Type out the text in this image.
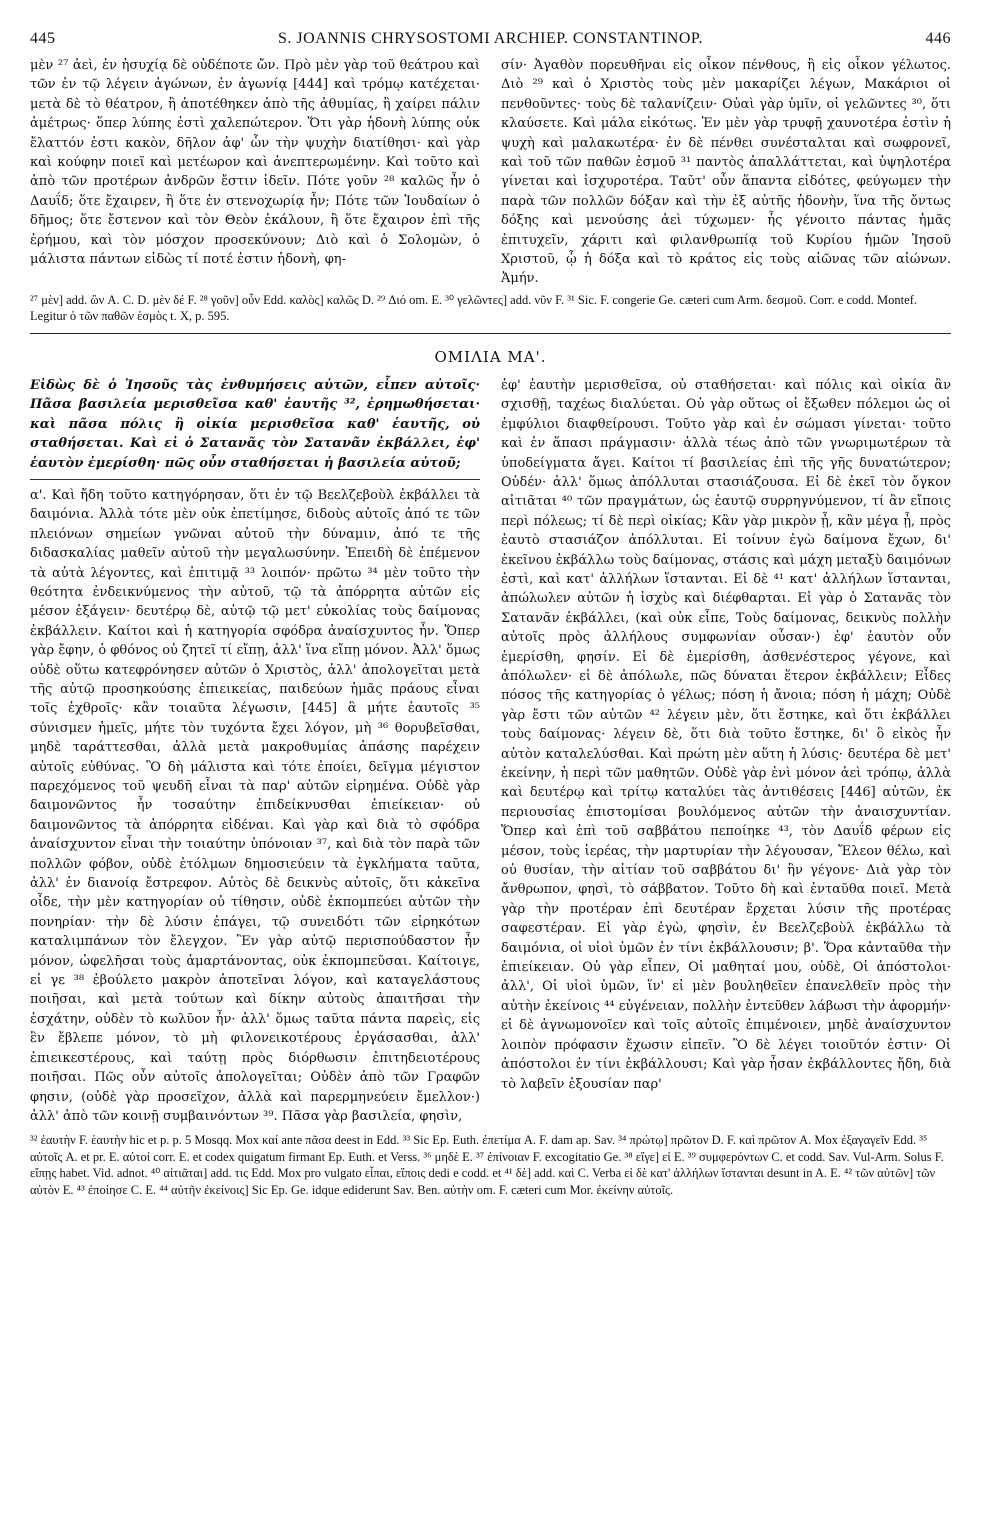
445	S. JOANNIS CHRYSOSTOMI ARCHIEP. CONSTANTINOP.	446

μὲν ²⁷ ἀεὶ, ἐν ἡσυχίᾳ δὲ οὐδέποτε ὤν. Πρὸ μὲν γὰρ τοῦ θεάτρου καὶ τῶν ἐν τῷ λέγειν ἀγώνων, ἐν ἀγωνίᾳ [444] καὶ τρόμῳ κατέχεται· μετὰ δὲ τὸ θέατρον, ἢ ἀποτέθηκεν ἀπὸ τῆς ἀθυμίας, ἢ χαίρει πάλιν ἀμέτρως· ὅπερ λύπης ἐστὶ χαλεπώτερον. Ὅτι γὰρ ἡδονὴ λύπης οὐκ ἔλαττόν ἐστι κακὸν, δῆλον ἀφ' ὧν τὴν ψυχὴν διατίθησι· καὶ γὰρ καὶ κούφην ποιεῖ καὶ μετέωρον καὶ ἀνεπτερωμένην. Καὶ τοῦτο καὶ ἀπὸ τῶν προτέρων ἀνδρῶν ἔστιν ἰδεῖν. Πότε γοῦν ²⁸ καλῶς ἦν ὁ Δαυΐδ; ὅτε ἔχαιρεν, ἢ ὅτε ἐν στενοχωρίᾳ ἦν; Πότε τῶν Ἰουδαίων ὁ δῆμος; ὅτε ἔστενον καὶ τὸν Θεὸν ἐκάλουν, ἢ ὅτε ἔχαιρον ἐπὶ τῆς ἐρήμου, καὶ τὸν μόσχον προσεκύνουν; Διὸ καὶ ὁ Σολομὼν, ὁ μάλιστα πάντων εἰδὼς τί ποτέ ἐστιν ἡδονὴ, φη-

σίν· Ἀγαθὸν πορευθῆναι εἰς οἶκον πένθους, ἢ εἰς οἶκον γέλωτος. Διὸ ²⁹ καὶ ὁ Χριστὸς τοὺς μὲν μακαρίζει λέγων, Μακάριοι οἱ πενθοῦντες· τοὺς δὲ ταλανίζειν· Οὐαὶ γὰρ ὑμῖν, οἱ γελῶντες ³⁰, ὅτι κλαύσετε. Καὶ μάλα εἰκότως. Ἐν μὲν γὰρ τρυφῇ χαυνοτέρα ἐστὶν ἡ ψυχὴ καὶ μαλακωτέρα· ἐν δὲ πένθει συνέσταλται καὶ σωφρονεῖ, καὶ τοῦ τῶν παθῶν ἑσμοῦ ³¹ παντὸς ἀπαλλάττεται, καὶ ὑψηλοτέρα γίνεται καὶ ἰσχυροτέρα. Ταῦτ' οὖν ἅπαντα εἰδότες, φεύγωμεν τὴν παρὰ τῶν πολλῶν δόξαν καὶ τὴν ἐξ αὐτῆς ἡδονὴν, ἵνα τῆς ὄντως δόξης καὶ μενούσης ἀεὶ τύχωμεν· ἧς γένοιτο πάντας ἡμᾶς ἐπιτυχεῖν, χάριτι καὶ φιλανθρωπίᾳ τοῦ Κυρίου ἡμῶν Ἰησοῦ Χριστοῦ, ᾧ ἡ δόξα καὶ τὸ κράτος εἰς τοὺς αἰῶνας τῶν αἰώνων. Ἀμήν.

²⁷ μὲν] add. ὢν A. C. D. μὲν δέ F. ²⁸ γοῦν] οὖν Edd. καλὸς] καλῶς D. ²⁹ Διό om. E. ³⁰ γελῶντες] add. νῦν F. ³¹ Sic. F. congerie Ge. cæteri cum Arm. δεσμοῦ. Corr. e codd. Montef. Legitur ὁ τῶν παθῶν ἑσμὸς t. X, p. 595.
ΟΜΙΛΙΑ ΜΑ'.

Εἰδὼς δὲ ὁ Ἰησοῦς τὰς ἐνθυμήσεις αὐτῶν, εἶπεν αὐτοῖς· Πᾶσα βασιλεία μερισθεῖσα καθ' ἑαυτῆς ³², ἐρημωθήσεται· καὶ πᾶσα πόλις ἢ οἰκία μερισθεῖσα καθ' ἑαυτῆς, οὐ σταθήσεται. Καὶ εἰ ὁ Σατανᾶς τὸν Σατανᾶν ἐκβάλλει, ἐφ' ἑαυτὸν ἐμερίσθη· πῶς οὖν σταθήσεται ἡ βασιλεία αὐτοῦ;

α'. Καὶ ἤδη τοῦτο κατηγόρησαν, ὅτι ἐν τῷ Βεελζεβοὺλ ἐκβάλλει τὰ δαιμόνια. Ἀλλὰ τότε μὲν οὐκ ἐπετίμησε, διδοὺς αὐτοῖς ἀπό τε τῶν πλειόνων σημείων γνῶναι αὐτοῦ τὴν δύναμιν, ἀπό τε τῆς διδασκαλίας μαθεῖν αὐτοῦ τὴν μεγαλωσύνην. Ἐπειδὴ δὲ ἐπέμενον τὰ αὐτὰ λέγοντες, καὶ ἐπιτιμᾷ ³³ λοιπόν· πρῶτω ³⁴ μὲν τοῦτο τὴν θεότητα ἐνδεικνύμενος τὴν αὐτοῦ, τῷ τὰ ἀπόρρητα αὐτῶν εἰς μέσον ἐξάγειν· δευτέρῳ δὲ, αὐτῷ τῷ μετ' εὐκολίας τοὺς δαίμονας ἐκβάλλειν. Καίτοι καὶ ἡ κατηγορία σφόδρα ἀναίσχυντος ἦν. Ὅπερ γὰρ ἔφην, ὁ φθόνος οὐ ζητεῖ τί εἴπῃ, ἀλλ' ἵνα εἴπῃ μόνον. Ἀλλ' ὅμως οὐδὲ οὕτω κατεφρόνησεν αὐτῶν ὁ Χριστὸς, ἀλλ' ἀπολογεῖται μετὰ τῆς αὐτῷ προσηκούσης ἐπιεικείας, παιδεύων ἡμᾶς πράους εἶναι τοῖς ἐχθροῖς· κἂν τοιαῦτα λέγωσιν, [445] ἃ μήτε ἑαυτοῖς ³⁵ σύνισμεν ἡμεῖς, μήτε τὸν τυχόντα ἔχει λόγον, μὴ ³⁶ θορυβεῖσθαι, μηδὲ ταράττεσθαι, ἀλλὰ μετὰ μακροθυμίας ἁπάσης παρέχειν αὐτοῖς εὐθύνας. Ὃ δὴ μάλιστα καὶ τότε ἐποίει, δεῖγμα μέγιστον παρεχόμενος τοῦ ψευδῆ εἶναι τὰ παρ' αὐτῶν εἰρημένα. Οὐδὲ γὰρ δαιμονῶντος ἦν τοσαύτην ἐπιδείκνυσθαι ἐπιείκειαν· οὐ δαιμονῶντος τὰ ἀπόρρητα εἰδέναι. Καὶ γὰρ καὶ διὰ τὸ σφόδρα ἀναίσχυντον εἶναι τὴν τοιαύτην ὑπόνοιαν ³⁷, καὶ διὰ τὸν παρὰ τῶν πολλῶν φόβον, οὐδὲ ἐτόλμων δημοσιεύειν τὰ ἐγκλήματα ταῦτα, ἀλλ' ἐν διανοίᾳ ἔστρεφον. Αὐτὸς δὲ δεικνὺς αὐτοῖς, ὅτι κἀκεῖνα οἶδε, τὴν μὲν κατηγορίαν οὐ τίθησιν, οὐδὲ ἐκπομπεύει αὐτῶν τὴν πονηρίαν· τὴν δὲ λύσιν ἐπάγει, τῷ συνειδότι τῶν εἰρηκότων καταλιμπάνων τὸν ἔλεγχον. Ἓν γὰρ αὐτῷ περισπούδαστον ἦν μόνον, ὠφελῆσαι τοὺς ἁμαρτάνοντας, οὐκ ἐκπομπεῦσαι. Καίτοιγε, εἰ γε ³⁸ ἐβούλετο μακρὸν ἀποτεῖναι λόγον, καὶ καταγελάστους ποιῆσαι, καὶ μετὰ τούτων καὶ δίκην αὐτοὺς ἀπαιτῆσαι τὴν ἐσχάτην, οὐδὲν τὸ κωλῦον ἦν· ἀλλ' ὅμως ταῦτα πάντα παρεὶς, εἰς ἓν ἔβλεπε μόνον, τὸ μὴ φιλονεικοτέρους ἐργάσασθαι, ἀλλ' ἐπιεικεστέρους, καὶ ταύτῃ πρὸς διόρθωσιν ἐπιτηδειοτέρους ποιῆσαι. Πῶς οὖν αὐτοῖς ἀπολογεῖται; Οὐδὲν ἀπὸ τῶν Γραφῶν φησιν, (οὐδὲ γὰρ προσεῖχον, ἀλλὰ καὶ παρερμηνεύειν ἔμελλον·) ἀλλ' ἀπὸ τῶν κοινῇ συμβαινόντων ³⁹. Πᾶσα γὰρ βασιλεία, φησὶν,

ἐφ' ἑαυτὴν μερισθεῖσα, οὐ σταθήσεται· καὶ πόλις καὶ οἰκία ἂν σχισθῇ, ταχέως διαλύεται. Οὐ γὰρ οὕτως οἱ ἔξωθεν πόλεμοι ὡς οἱ ἐμφύλιοι διαφθείρουσι. Τοῦτο γὰρ καὶ ἐν σώμασι γίνεται· τοῦτο καὶ ἐν ἅπασι πράγμασιν· ἀλλὰ τέως ἀπὸ τῶν γνωριμωτέρων τὰ ὑποδείγματα ἄγει. Καίτοι τί βασιλείας ἐπὶ τῆς γῆς δυνατώτερον; Οὐδέν· ἀλλ' ὅμως ἀπόλλυται στασιάζουσα. Εἰ δὲ ἐκεῖ τὸν ὄγκον αἰτιᾶται ⁴⁰ τῶν πραγμάτων, ὡς ἑαυτῷ συρρηγνύμενον, τί ἂν εἴποις περὶ πόλεως; τί δὲ περὶ οἰκίας; Κἂν γὰρ μικρὸν ᾖ, κἂν μέγα ᾖ, πρὸς ἑαυτὸ στασιάζον ἀπόλλυται. Εἰ τοίνυν ἐγὼ δαίμονα ἔχων, δι' ἐκεῖνου ἐκβάλλω τοὺς δαίμονας, στάσις καὶ μάχη μεταξὺ δαιμόνων ἐστὶ, καὶ κατ' ἀλλήλων ἵστανται. Εἰ δὲ ⁴¹ κατ' ἀλλήλων ἵστανται, ἀπώλωλεν αὐτῶν ἡ ἰσχὺς καὶ διέφθαρται. Εἰ γὰρ ὁ Σατανᾶς τὸν Σατανᾶν ἐκβάλλει, (καὶ οὐκ εἶπε, Τοὺς δαίμονας, δεικνὺς πολλὴν αὐτοῖς πρὸς ἀλλήλους συμφωνίαν οὖσαν·) ἐφ' ἑαυτὸν οὖν ἐμερίσθη, φησίν. Εἰ δὲ ἐμερίσθη, ἀσθενέστερος γέγονε, καὶ ἀπόλωλεν· εἰ δὲ ἀπόλωλε, πῶς δύναται ἕτερον ἐκβάλλειν; Εἶδες πόσος τῆς κατηγορίας ὁ γέλως; πόση ἡ ἄνοια; πόση ἡ μάχη; Οὐδὲ γὰρ ἔστι τῶν αὐτῶν ⁴² λέγειν μὲν, ὅτι ἔστηκε, καὶ ὅτι ἐκβάλλει τοὺς δαίμονας· λέγειν δὲ, ὅτι διὰ τοῦτο ἕστηκε, δι' ὃ εἰκὸς ἦν αὐτὸν καταλελύσθαι. Καὶ πρώτη μὲν αὕτη ἡ λύσις· δευτέρα δὲ μετ' ἐκείνην, ἡ περὶ τῶν μαθητῶν. Οὐδὲ γὰρ ἑνὶ μόνον ἀεὶ τρόπῳ, ἀλλὰ καὶ δευτέρῳ καὶ τρίτῳ καταλύει τὰς ἀντιθέσεις [446] αὐτῶν, ἐκ περιουσίας ἐπιστομίσαι βουλόμενος αὐτῶν τὴν ἀναισχυντίαν. Ὅπερ καὶ ἐπὶ τοῦ σαββάτου πεποίηκε ⁴³, τὸν Δαυΐδ φέρων εἰς μέσον, τοὺς ἱερέας, τὴν μαρτυρίαν τὴν λέγουσαν, Ἔλεον θέλω, καὶ οὐ θυσίαν, τὴν αἰτίαν τοῦ σαββάτου δι' ἣν γέγονε· Διὰ γὰρ τὸν ἄνθρωπον, φησὶ, τὸ σάββατον. Τοῦτο δὴ καὶ ἐνταῦθα ποιεῖ. Μετὰ γὰρ τὴν προτέραν ἐπὶ δευτέραν ἔρχεται λύσιν τῆς προτέρας σαφεστέραν. Εἰ γὰρ ἐγὼ, φησὶν, ἐν Βεελζεβοὺλ ἐκβάλλω τὰ δαιμόνια, οἱ υἱοὶ ὑμῶν ἐν τίνι ἐκβάλλουσιν; β'. Ὅρα κἀνταῦθα τὴν ἐπιείκειαν. Οὐ γὰρ εἶπεν, Οἱ μαθηταί μου, οὐδὲ, Οἱ ἀπόστολοι· ἀλλ', Οἱ υἱοὶ ὑμῶν, ἵν' εἰ μὲν βουληθεῖεν ἐπανελθεῖν πρὸς τὴν αὐτὴν ἐκείνοις ⁴⁴ εὐγένειαν, πολλὴν ἐντεῦθεν λάβωσι τὴν ἀφορμήν· εἰ δὲ ἀγνωμονοῖεν καὶ τοῖς αὐτοῖς ἐπιμένοιεν, μηδὲ ἀναίσχυντον λοιπὸν πρόφασιν ἔχωσιν εἰπεῖν. Ὃ δὲ λέγει τοιοῦτόν ἐστιν· Οἱ ἀπόστολοι ἐν τίνι ἐκβάλλουσι; Καὶ γὰρ ἦσαν ἐκβάλλοντες ἤδη, διὰ τὸ λαβεῖν ἐξουσίαν παρ'

³² ἑαυτὴν F. ἑαυτὴν hic et p. p. 5 Mosqq. Mox καί ante πᾶσα deest in Edd. ³³ Sic Ep. Euth. ἐπετίμα A. F. dam ap. Sav. ³⁴ πρώτῳ] πρῶτον D. F. καὶ πρῶτον A. Mox ἐξαγαγεῖν Edd. ³⁵ αὐτοῖς A. et pr. E. αὐτοί corr. E. et codex quigatum firmant Ep. Euth. et Verss. ³⁶ μηδὲ E. ³⁷ ἐπίνοιαν F. excogitatio Ge. ³⁸ εἴγε] εἰ E. ³⁹ συμφερόντων C. et codd. Sav. Vul-Arm. Solus F. εἴπῃς habet. Vid. adnot. ⁴⁰ αἰτιᾶται] add. τις Edd. Mox pro vulgato εἶπαι, εἴποις dedi e codd. et ⁴¹ δὲ] add. καὶ C. Verba εἰ δὲ κατ' ἀλλήλων ἵστανται desunt in A. E. ⁴² τῶν αὐτῶν] τῶν αὐτὸν E. ⁴³ ἐποίησε C. E. ⁴⁴ αὐτῆν ἐκείνοις] Sic Ep. Ge. idque ediderunt Sav. Ben. αὐτὴν om. F. cæteri cum Mor. ἐκείνην αὐτοῖς.
